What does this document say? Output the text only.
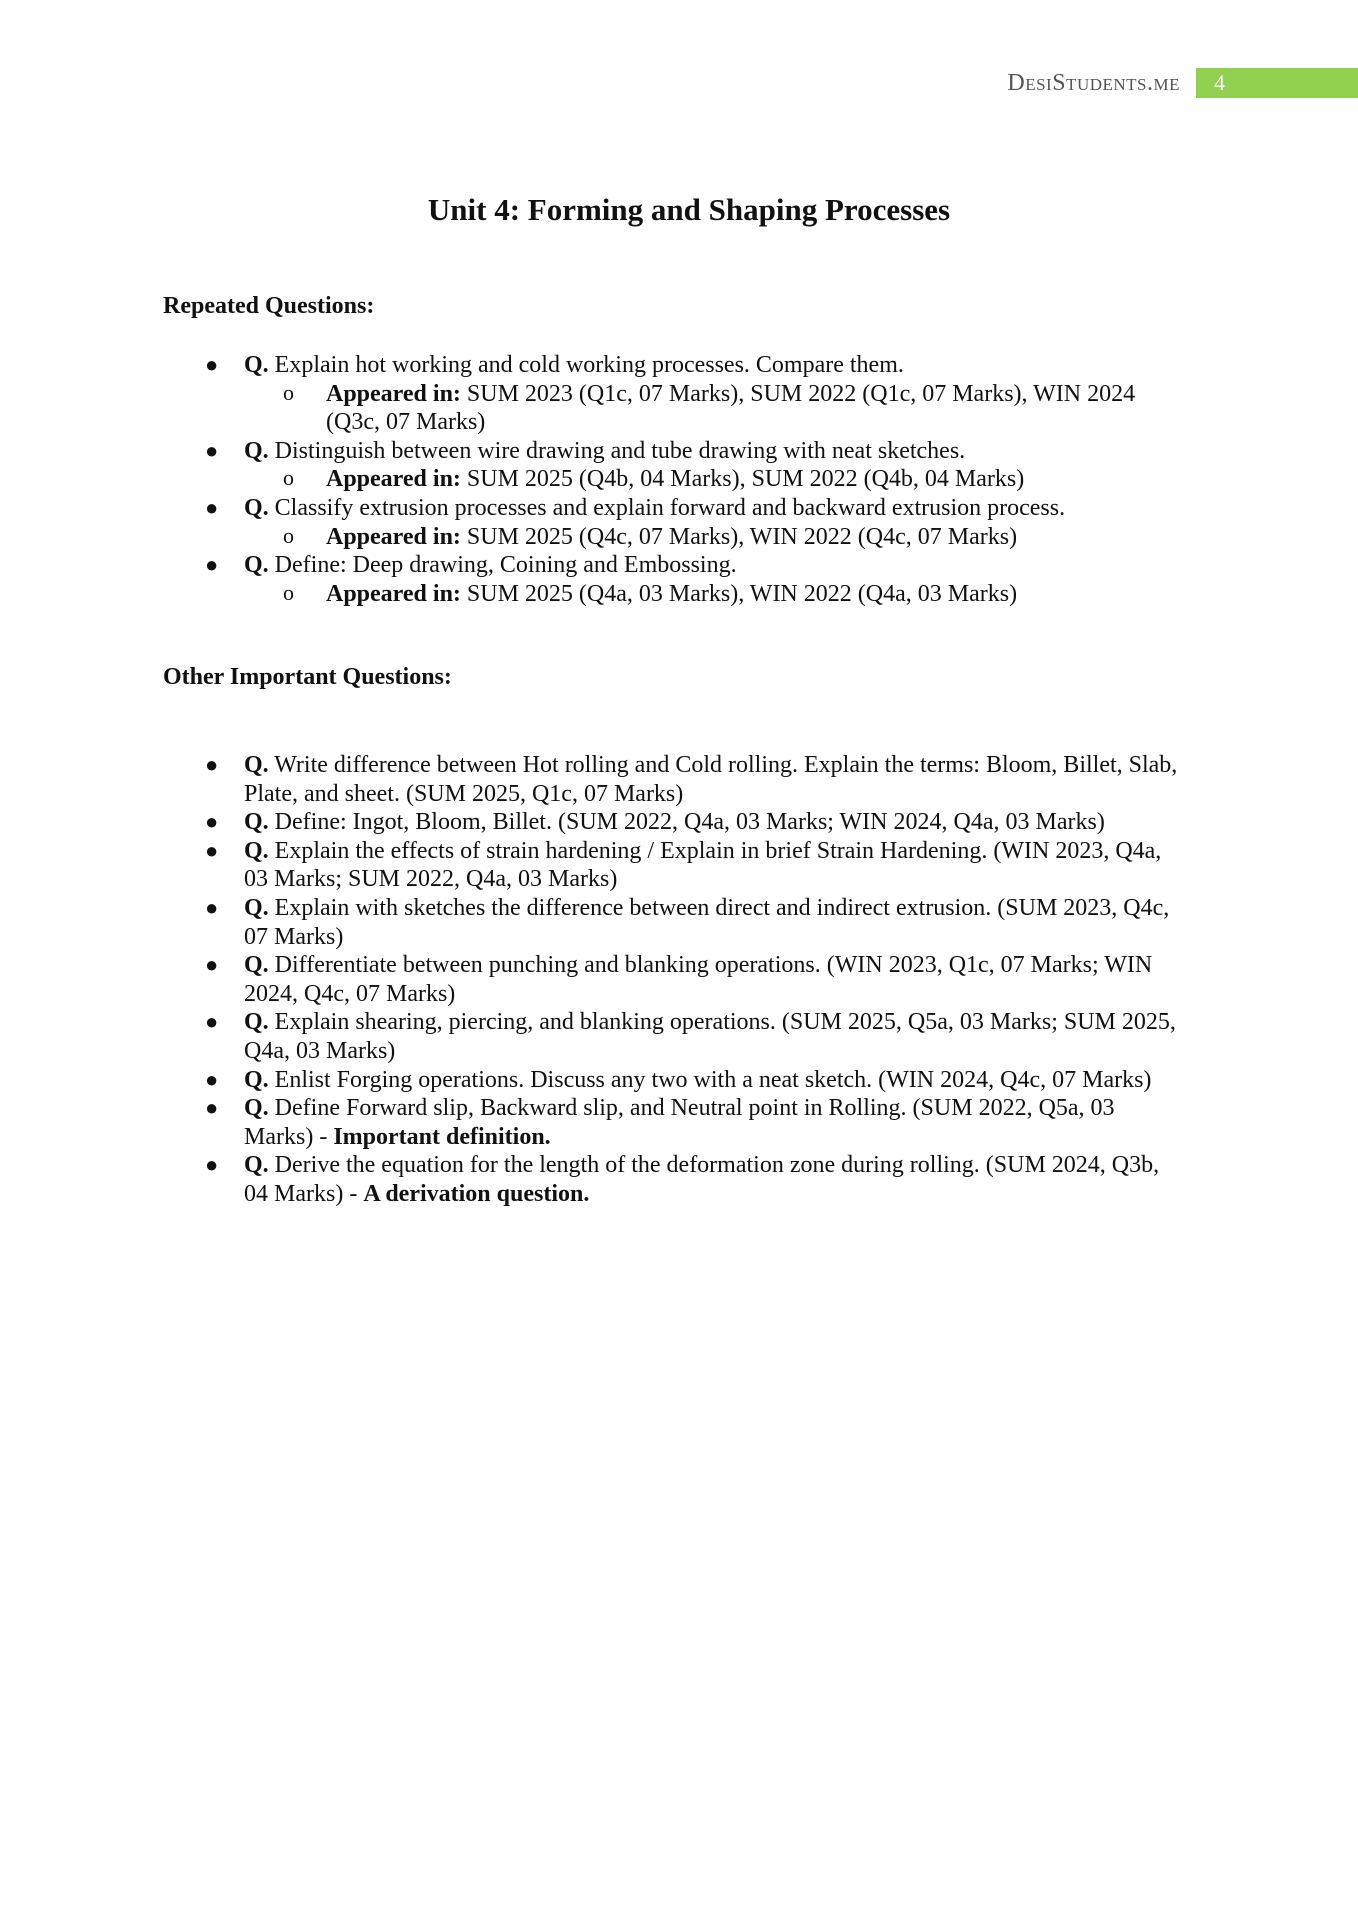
DesiStudents.me	4
Unit 4: Forming and Shaping Processes
Repeated Questions:
● Q. Explain hot working and cold working processes. Compare them.
o Appeared in: SUM 2023 (Q1c, 07 Marks), SUM 2022 (Q1c, 07 Marks), WIN 2024 (Q3c, 07 Marks)
● Q. Distinguish between wire drawing and tube drawing with neat sketches.
o Appeared in: SUM 2025 (Q4b, 04 Marks), SUM 2022 (Q4b, 04 Marks)
● Q. Classify extrusion processes and explain forward and backward extrusion process.
o Appeared in: SUM 2025 (Q4c, 07 Marks), WIN 2022 (Q4c, 07 Marks)
● Q. Define: Deep drawing, Coining and Embossing.
o Appeared in: SUM 2025 (Q4a, 03 Marks), WIN 2022 (Q4a, 03 Marks)
Other Important Questions:
● Q. Write difference between Hot rolling and Cold rolling. Explain the terms: Bloom, Billet, Slab, Plate, and sheet. (SUM 2025, Q1c, 07 Marks)
● Q. Define: Ingot, Bloom, Billet. (SUM 2022, Q4a, 03 Marks; WIN 2024, Q4a, 03 Marks)
● Q. Explain the effects of strain hardening / Explain in brief Strain Hardening. (WIN 2023, Q4a, 03 Marks; SUM 2022, Q4a, 03 Marks)
● Q. Explain with sketches the difference between direct and indirect extrusion. (SUM 2023, Q4c, 07 Marks)
● Q. Differentiate between punching and blanking operations. (WIN 2023, Q1c, 07 Marks; WIN 2024, Q4c, 07 Marks)
● Q. Explain shearing, piercing, and blanking operations. (SUM 2025, Q5a, 03 Marks; SUM 2025, Q4a, 03 Marks)
● Q. Enlist Forging operations. Discuss any two with a neat sketch. (WIN 2024, Q4c, 07 Marks)
● Q. Define Forward slip, Backward slip, and Neutral point in Rolling. (SUM 2022, Q5a, 03 Marks) - Important definition.
● Q. Derive the equation for the length of the deformation zone during rolling. (SUM 2024, Q3b, 04 Marks) - A derivation question.
